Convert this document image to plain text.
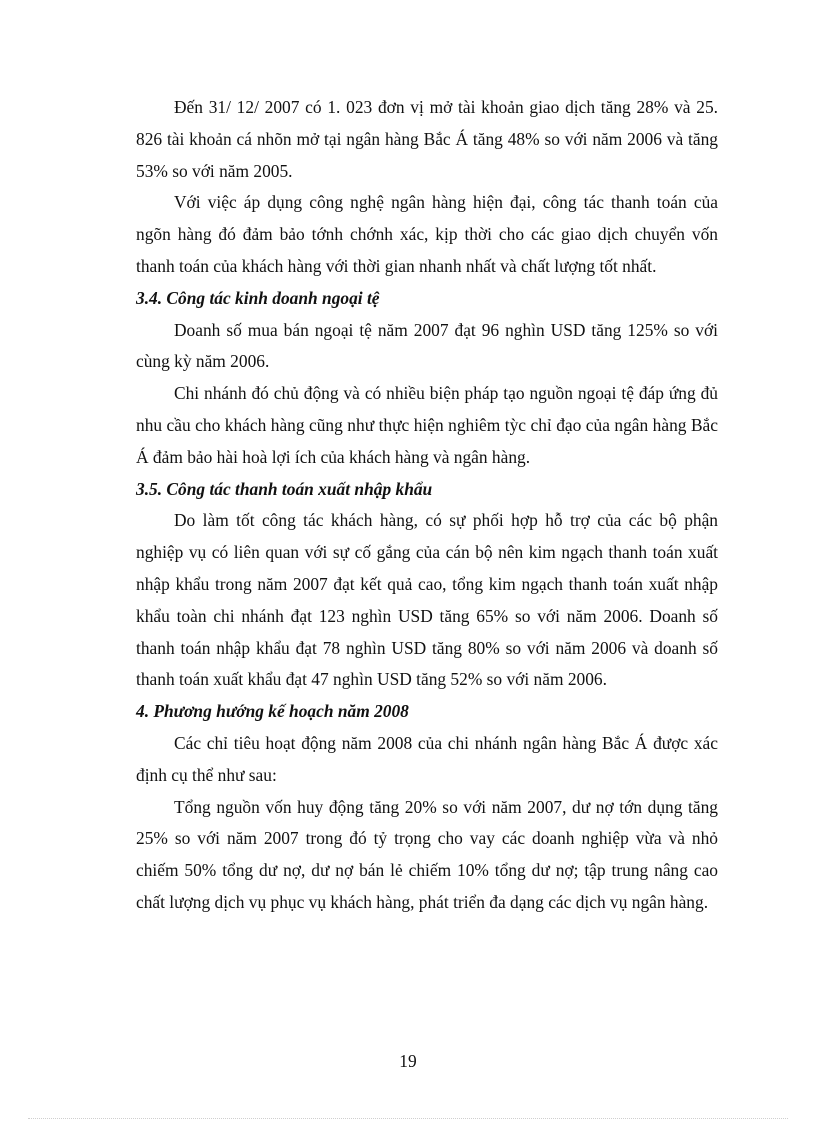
Đến 31/ 12/ 2007 có 1. 023 đơn vị mở tài khoản giao dịch tăng 28% và 25. 826 tài khoản cá nhõn mở tại ngân hàng Bắc Á tăng 48% so với năm 2006 và tăng 53% so với năm 2005.

Với việc áp dụng công nghệ ngân hàng hiện đại, công tác thanh toán của ngõn hàng đó đảm bảo tớnh chớnh xác, kịp thời cho các giao dịch chuyển vốn thanh toán của khách hàng với thời gian nhanh nhất và chất lượng tốt nhất.

3.4. Công tác kinh doanh ngoại tệ

Doanh số mua bán ngoại tệ năm 2007 đạt 96 nghìn USD tăng 125% so với cùng kỳ năm 2006.

Chi nhánh đó chủ động và có nhiều biện pháp tạo nguồn ngoại tệ đáp ứng đủ nhu cầu cho khách hàng cũng như thực hiện nghiêm tỳc chỉ đạo của ngân hàng Bắc Á đảm bảo hài hoà lợi ích của khách hàng và ngân hàng.

3.5. Công tác thanh toán xuất nhập khẩu

Do làm tốt công tác khách hàng, có sự phối hợp hỗ trợ của các bộ phận nghiệp vụ có liên quan với sự cố gắng của cán bộ nên kim ngạch thanh toán xuất nhập khẩu trong năm 2007 đạt kết quả cao, tổng kim ngạch thanh toán xuất nhập khẩu toàn chi nhánh đạt 123 nghìn USD tăng 65% so với năm 2006. Doanh số thanh toán nhập khẩu đạt 78 nghìn USD tăng 80% so với năm 2006 và doanh số thanh toán xuất khẩu đạt 47 nghìn USD tăng 52% so với năm 2006.

4. Phương hướng kế hoạch năm 2008

Các chỉ tiêu hoạt động năm 2008 của chi nhánh ngân hàng Bắc Á được xác định cụ thể như sau:

Tổng nguồn vốn huy động tăng 20% so với năm 2007, dư nợ tớn dụng tăng 25% so với năm 2007 trong đó tỷ trọng cho vay các doanh nghiệp vừa và nhỏ chiếm 50% tổng dư nợ, dư nợ bán lẻ chiếm 10% tổng dư nợ; tập trung nâng cao chất lượng dịch vụ phục vụ khách hàng, phát triển đa dạng các dịch vụ ngân hàng.

19
